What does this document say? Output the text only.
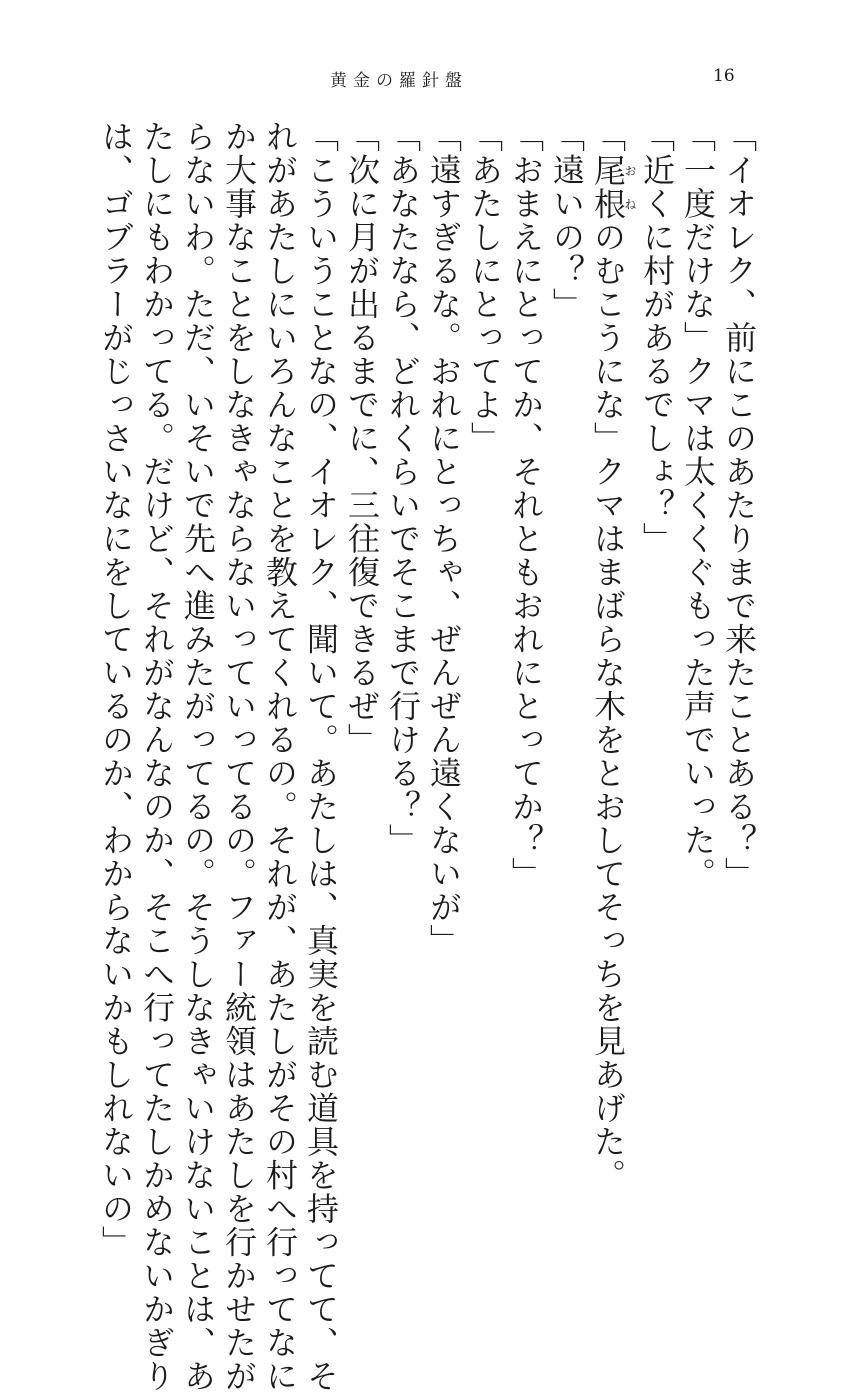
黄金の羅針盤	16
「イオレク、前にこのあたりまで来たことある？」
「一度だけな」クマは太くくぐもった声でいった。
「近くに村があるでしょ？」
「尾根おねのむこうにな」クマはまばらな木をとおしてそっちを見あげた。
「遠いの？」
「おまえにとってか、それともおれにとってか？」
「あたしにとってよ」
「遠すぎるな。おれにとっちゃ、ぜんぜん遠くないが」
「あなたなら、どれくらいでそこまで行ける？」
「次に月が出るまでに、三往復できるぜ」
「こういうことなの、イオレク、聞いて。あたしは、真実を読む道具を持ってて、そ
れがあたしにいろんなことを教えてくれるの。それが、あたしがその村へ行ってなに
か大事なことをしなきゃならないっていってるの。ファー統領はあたしを行かせたが
らないわ。ただ、いそいで先へ進みたがってるの。そうしなきゃいけないことは、あ
たしにもわかってる。だけど、それがなんなのか、そこへ行ってたしかめないかぎり
は、ゴブラーがじっさいなにをしているのか、わからないかもしれないの」
